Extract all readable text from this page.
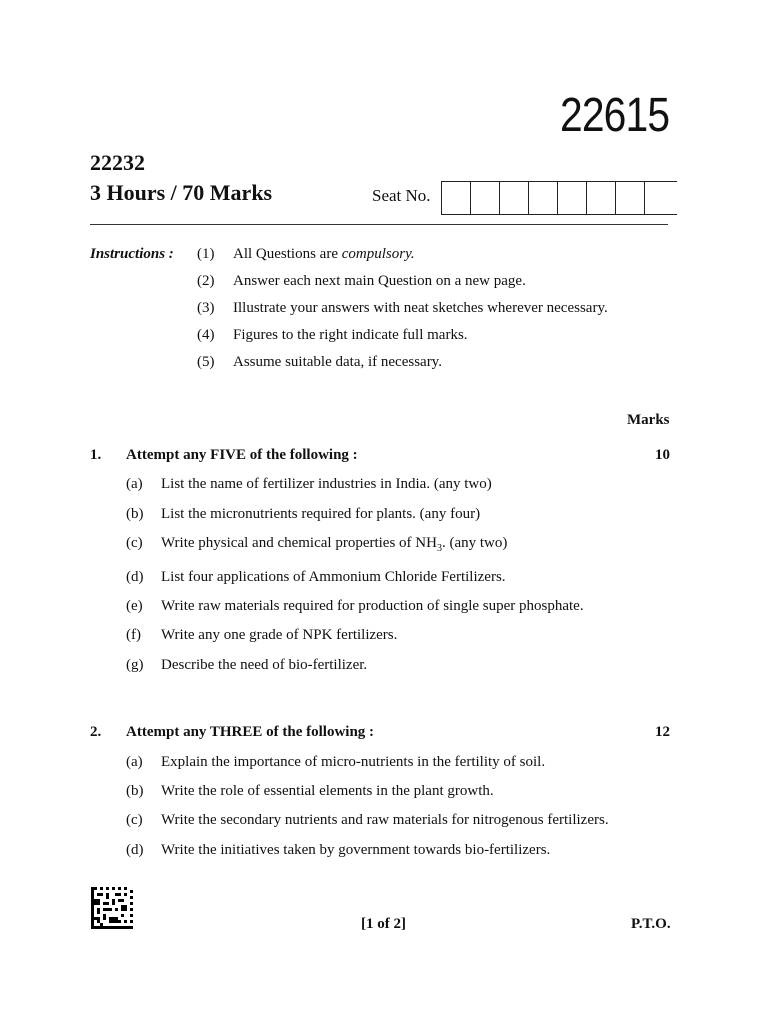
22615
22232
3 Hours / 70 Marks	Seat No.
Instructions : (1) All Questions are compulsory.
(2) Answer each next main Question on a new page.
(3) Illustrate your answers with neat sketches wherever necessary.
(4) Figures to the right indicate full marks.
(5) Assume suitable data, if necessary.
Marks
1. Attempt any FIVE of the following :	10
(a) List the name of fertilizer industries in India. (any two)
(b) List the micronutrients required for plants. (any four)
(c) Write physical and chemical properties of $NH_3$. (any two)
(d) List four applications of Ammonium Chloride Fertilizers.
(e) Write raw materials required for production of single super phosphate.
(f) Write any one grade of NPK fertilizers.
(g) Describe the need of bio-fertilizer.
2. Attempt any THREE of the following :	12
(a) Explain the importance of micro-nutrients in the fertility of soil.
(b) Write the role of essential elements in the plant growth.
(c) Write the secondary nutrients and raw materials for nitrogenous fertilizers.
(d) Write the initiatives taken by government towards bio-fertilizers.
[1 of 2]	P.T.O.
